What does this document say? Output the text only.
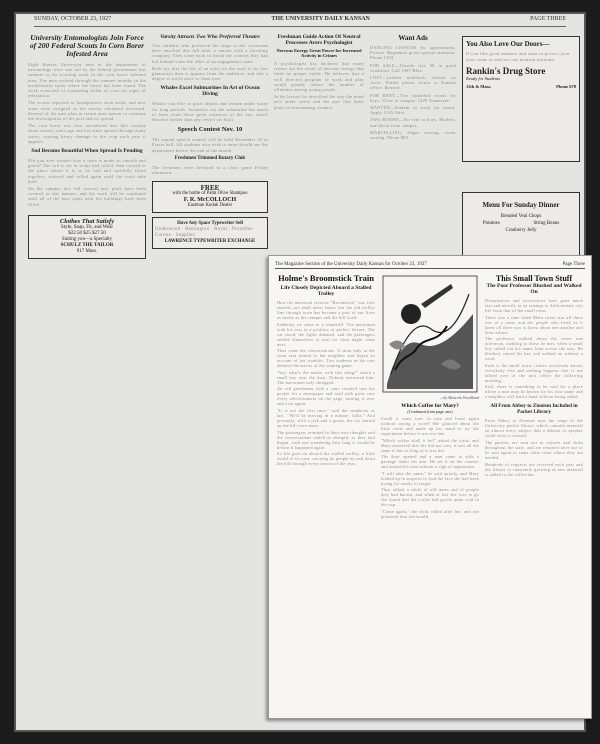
SUNDAY, OCTOBER 23, 1927	THE UNIVERSITY DAILY KANSAN	PAGE THREE
University Entomologists Join Force of 200 Federal Scouts In Corn Borer Infested Area

Eight Kansas University men of the department of entomology were sent out by the federal government last summer to do scouting work in the corn borer infested area. The men worked through the summer months in the northeastern states where the insect has been found. The work consisted of examining fields of corn for signs of infestation.

The scouts reported to headquarters each week, and new areas were assigned as the survey advanced westward. Several of the men plan to return next season to continue the investigation of the pest and its spread.

The corn borer was first introduced into this country about twenty years ago and has since spread through many states, causing heavy damage to the crop each year it appears.

Sod Become Beautiful When Spread Is Pending

Did you ever wonder how a lawn is made so smooth and green? The sod is cut in strips and rolled, then carried to the place where it is to be laid and carefully fitted together, watered and rolled again until the roots take hold.

On the campus this fall several new plots have been covered in this manner, and the work will be continued until all of the bare spots near the buildings have been filled.

Clothes That Satisfy
Style, Snap, Fit, and Wear
$22.50 $25 $27.50
Suiting you—a Specialty
SCHULZ THE TAILOR
917 Mass.
Varsity Attracts Two Who Preferred Theatre

Two students who preferred the stage to the classroom have enrolled this fall after a season with a traveling company. They came back to finish the courses they had left behind when the offer of an engagement came.

Both say that the life of an actor on the road is far less glamorous than it appears from the audience, and that a degree is worth more to them now.

Whales Excel Submarines In Art of Ocean Diving

Whales can dive to great depths and remain under water for long periods. Scientists say the submarine has much to learn from these great creatures of the sea, which descend farther than any vessel yet built.

Speech Contest Nov. 10

The annual speech contest will be held November 10 in Fraser hall. All students who wish to enter should see the department before the end of the month.

Freshmen Trimmed Rotary Club

The freshmen were defeated in a close game Friday afternoon.

FREE
with the bottle of Palm Olive Shampoo
F. R. McCOLLOCH
Eastman Kodak Dealer
Have Any Space Typewriter Sell
Underwood · Remington · Royal · Portables · Corona · Supplies
LAWRENCE TYPEWRITER EXCHANGE
Freshman Guide Action Of Neutral Processes Avers Psychologist
Nervous Energy Great Power for Increased Activity in Crimes

A psychologist has declared that many crimes are the result of nervous energy that finds no proper outlet. He believes that a well directed program of work and play would greatly reduce the number of offenders among young people.

In his lecture he described the way the mind acts under stress and the part that habit plays in determining conduct.

Want Ads

DANCING LESSONS by appointment. Private. Beginners given special attention. Phone 1254.

FOR SALE—Tuxedo size 38 in good condition. Call 1987 Blue.

LOST—Leather notebook, initials on cover. Finder please return to Kansan office. Reward.

FOR RENT—Two furnished rooms for boys. Close to campus. 1228 Tennessee.

WANTED—Student to work for board. Apply 1145 Ohio.

TWO ROOMS—For rent to boys. Modern, one block from campus.

MARCELLING, finger waving, water waving. Phone 883.

You Also Love Our Doors—
If you like good sundaes and want to protect your eyes come in and see our modern fountain.
Rankin's Drug Store
Ready for Students
11th & Mass.	Phone 678
Menu For Sunday Dinner
Breaded Veal Chops
Potatoes	String Beans
Cranberry Jelly
The Magazine Section of the University Daily Kansan for October 23, 1927	Page Three
Holme's Broomstick Train
Life Closely Depicted Aboard a Stalled Trolley

How the universal favorite "Broomstick" was first started—we shall never know, but the old trolley line through town has become a part of our lives as surely as the campus and the hill itself.

Suddenly we came to a standstill. The motorman took his seat in a position of perfect leisure. The car stood, the lights dimmed, and the passengers settled themselves to wait for what might come next.

Then came the conversations. A stout lady in the front seat turned to her neighbor and began an account of her troubles. Two students in the rear debated the merits of the coming game.

"Say, what's the matter with this thing?" asked a small boy near the door. Nobody answered him. The motorman only shrugged.

An old gentleman with a cane reached into his pocket for a newspaper and read with great care every advertisement on the page, turning it over and over again.

"It is not the first time," said the conductor at last. "We'll be moving in a minute, folks." And presently, with a jerk and a groan, the car started up the hill once more.

The passengers returned to their own thoughts and the conversations ended as abruptly as they had begun, each one wondering how long it would be before it happened again.

So life goes on aboard the stalled trolley, a little world of its own, carrying its people up and down the hill through every season of the year.

—by Mascola Woodland
Which Coffee for Mary?
(Continued from page one)

Could it come true, to turn and leave again without saying a word? She glanced about the little room and made up her mind to try the experiment before it was too late.

"Which coffee shall it be?" asked the clerk, and Mary answered that she did not care, it was all the same to her so long as it was hot.

The door opened and a man came in with a package under his arm. He set it on the counter and waited his turn without a sign of impatience.

"I will take the same," he said quietly, and Mary looked up in surprise to find the face she had been trying for weeks to forget.

They talked a while of old times and of people they had known, and when at last she rose to go she found that the coffee had grown quite cold in the cup.

"Come again," the clerk called after her, and she promised that she would.

This Small Town Stuff
The Poor Professor Blushed and Walked On

Disturbances and occurrences have gone much fast and merrily in an attempt to differentiate city life from that of the small town.

There was a time when Main street was all there was of a town, and the people who lived on it knew all there was to know about one another and their affairs.

The professor walked down the street one afternoon, nodding to those he met, when a small boy called out his name from across the way. He blushed, raised his hat, and walked on without a word.

Such is the small town—where everybody knows everybody else and nothing happens that is not talked over at the post office the following morning.

Still, there is something to be said for a place where a man may be known by his first name and a neighbor will lend a hand without being asked.

All From Abbey to Zionism Included in Packet Library

From Abbey to Zionism runs the range of the University packet library, which contains material on almost every subject that a debater or speaker could wish to consult.

The packets are sent out to schools and clubs throughout the state, and are returned after use to be sent again to some other town where they are needed.

Hundreds of requests are received each year and the library is constantly growing as new material is added to the collection.
